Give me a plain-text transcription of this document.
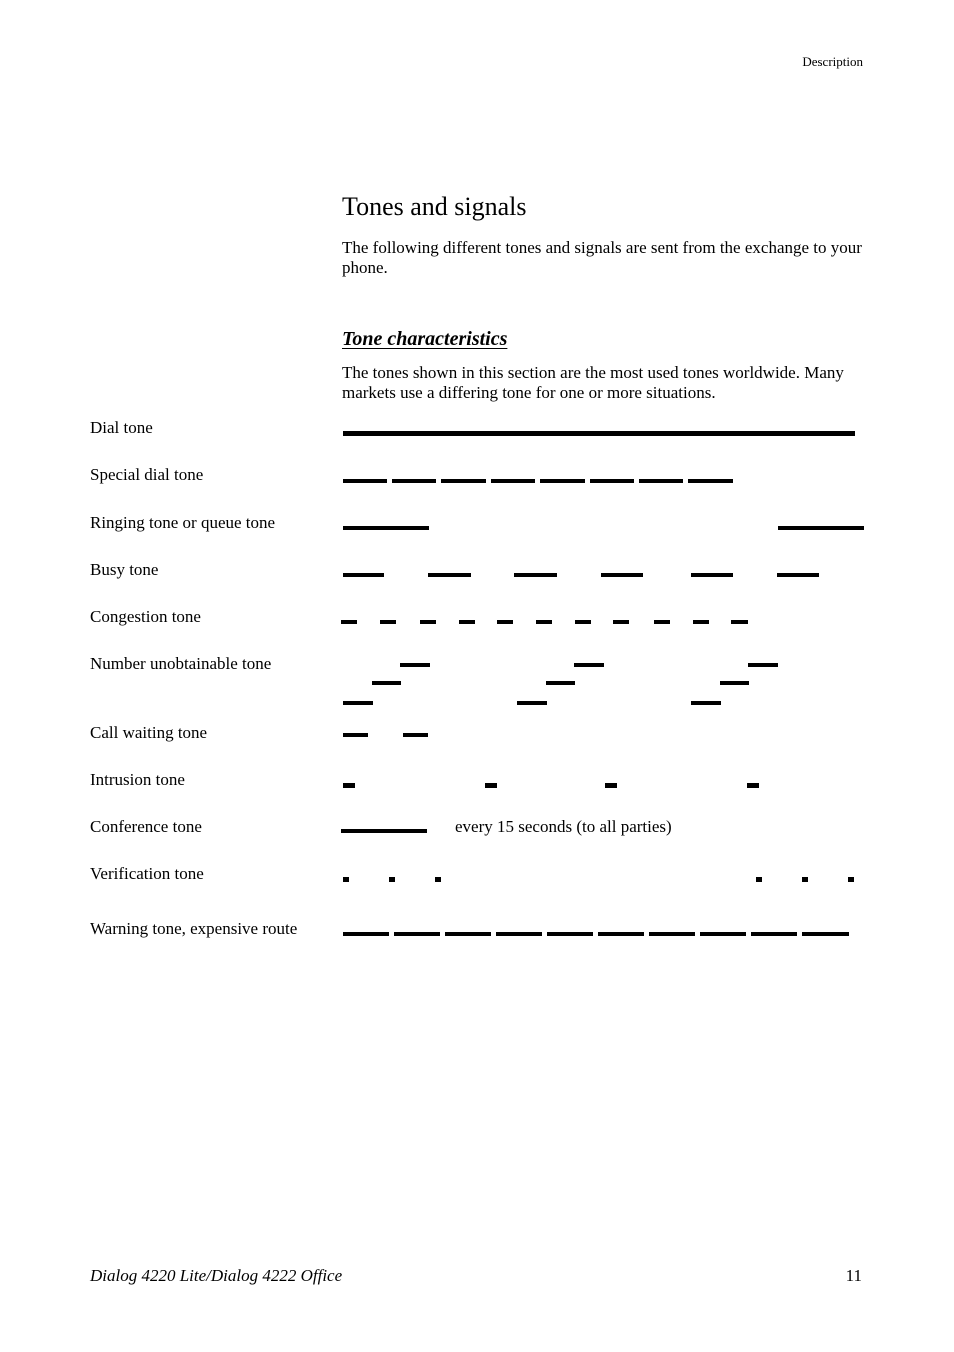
Description
Tones and signals

The following different tones and signals are sent from the exchange to your phone.

Tone characteristics

The tones shown in this section are the most used tones worldwide. Many markets use a differing tone for one or more situations.

Dial tone
Special dial tone
Ringing tone or queue tone
Busy tone
Congestion tone
Number unobtainable tone
Call waiting tone
Intrusion tone
Conference tone
Verification tone
Warning tone, expensive route
every 15 seconds (to all parties)
Dialog 4220 Lite/Dialog 4222 Office	11
